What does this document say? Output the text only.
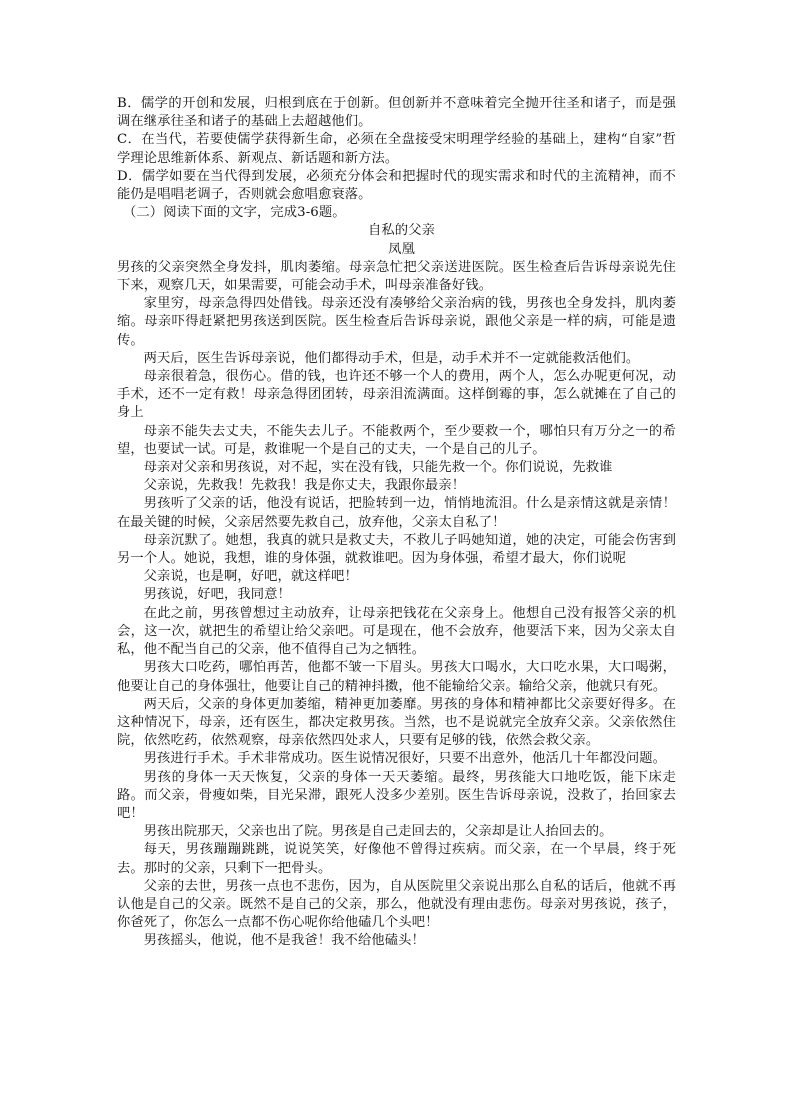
B．儒学的开创和发展，归根到底在于创新。但创新并不意味着完全抛开往圣和诸子，而是强调在继承往圣和诸子的基础上去超越他们。

C．在当代，若要使儒学获得新生命，必须在全盘接受宋明理学经验的基础上，建构“自家”哲学理论思维新体系、新观点、新话题和新方法。

D．儒学如要在当代得到发展，必须充分体会和把握时代的现实需求和时代的主流精神，而不能仍是唱唱老调子，否则就会愈唱愈衰落。

（二）阅读下面的文字，完成3-6题。

自私的父亲

凤凰

男孩的父亲突然全身发抖，肌肉萎缩。母亲急忙把父亲送进医院。医生检查后告诉母亲说先住下来，观察几天，如果需要，可能会动手术，叫母亲准备好钱。

家里穷，母亲急得四处借钱。母亲还没有凑够给父亲治病的钱，男孩也全身发抖，肌肉萎缩。母亲吓得赶紧把男孩送到医院。医生检查后告诉母亲说，跟他父亲是一样的病，可能是遗传。

两天后，医生告诉母亲说，他们都得动手术，但是，动手术并不一定就能救活他们。

母亲很着急，很伤心。借的钱，也许还不够一个人的费用，两个人，怎么办呢更何况，动手术，还不一定有救！母亲急得团团转，母亲泪流满面。这样倒霉的事，怎么就摊在了自己的身上

母亲不能失去丈夫，不能失去儿子。不能救两个，至少要救一个，哪怕只有万分之一的希望，也要试一试。可是，救谁呢一个是自己的丈夫，一个是自己的儿子。

母亲对父亲和男孩说，对不起，实在没有钱，只能先救一个。你们说说，先救谁

父亲说，先救我！先救我！我是你丈夫，我跟你最亲！

男孩听了父亲的话，他没有说话，把脸转到一边，悄悄地流泪。什么是亲情这就是亲情！在最关键的时候，父亲居然要先救自己，放弃他，父亲太自私了！

母亲沉默了。她想，我真的就只是救丈夫，不救儿子吗她知道，她的决定，可能会伤害到另一个人。她说，我想，谁的身体强，就救谁吧。因为身体强，希望才最大，你们说呢

父亲说，也是啊，好吧，就这样吧！

男孩说，好吧，我同意！

在此之前，男孩曾想过主动放弃，让母亲把钱花在父亲身上。他想自己没有报答父亲的机会，这一次，就把生的希望让给父亲吧。可是现在，他不会放弃，他要活下来，因为父亲太自私，他不配当自己的父亲，他不值得自己为之牺牲。

男孩大口吃药，哪怕再苦，他都不皱一下眉头。男孩大口喝水，大口吃水果，大口喝粥，他要让自己的身体强壮，他要让自己的精神抖擞，他不能输给父亲。输给父亲，他就只有死。

两天后，父亲的身体更加萎缩，精神更加萎靡。男孩的身体和精神都比父亲要好得多。在这种情况下，母亲，还有医生，都决定救男孩。当然，也不是说就完全放弃父亲。父亲依然住院，依然吃药，依然观察，母亲依然四处求人，只要有足够的钱，依然会救父亲。

男孩进行手术。手术非常成功。医生说情况很好，只要不出意外，他活几十年都没问题。

男孩的身体一天天恢复，父亲的身体一天天萎缩。最终，男孩能大口地吃饭，能下床走路。而父亲，骨瘦如柴，目光呆滞，跟死人没多少差别。医生告诉母亲说，没救了，抬回家去吧！

男孩出院那天，父亲也出了院。男孩是自己走回去的，父亲却是让人抬回去的。

每天，男孩蹦蹦跳跳，说说笑笑，好像他不曾得过疾病。而父亲，在一个早晨，终于死去。那时的父亲，只剩下一把骨头。

父亲的去世，男孩一点也不悲伤，因为，自从医院里父亲说出那么自私的话后，他就不再认他是自己的父亲。既然不是自己的父亲，那么，他就没有理由悲伤。母亲对男孩说，孩子，你爸死了，你怎么一点都不伤心呢你给他磕几个头吧！

男孩摇头，他说，他不是我爸！我不给他磕头！
